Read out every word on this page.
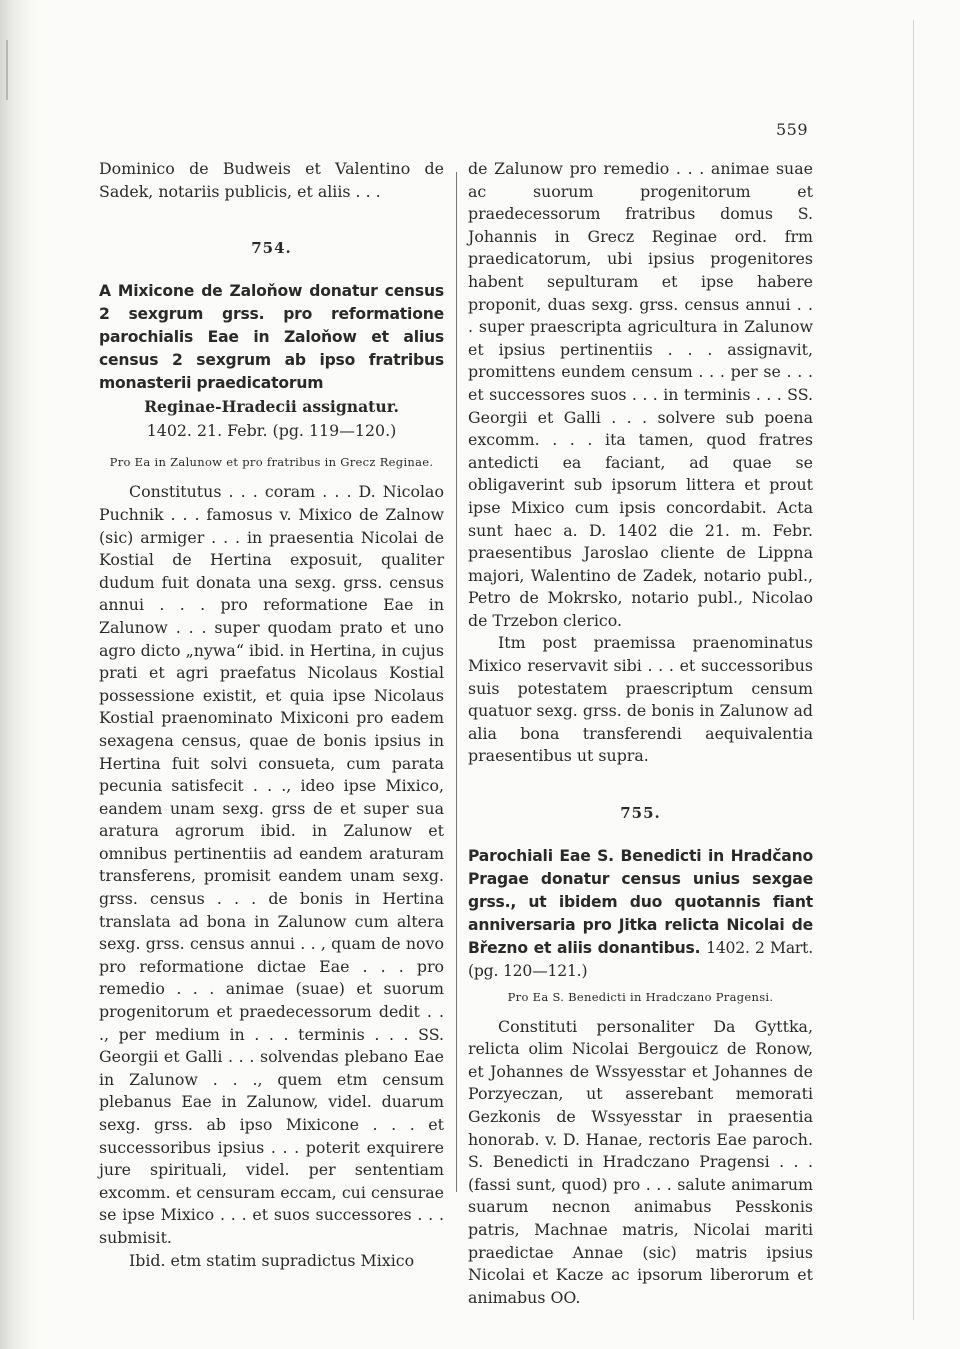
559

Dominico de Budweis et Valentino de Sadek, notariis publicis, et aliis . . .

754.

A Mixicone de Zaloňow donatur census 2 sexgrum grss. pro reformatione parochialis Eae in Zaloňow et alius census 2 sexgrum ab ipso fratribus monasterii praedicatorum

Reginae-Hradecii assignatur.
1402. 21. Febr. (pg. 119—120.)
Pro Ea in Zalunow et pro fratribus in Grecz Reginae.

Constitutus . . . coram . . . D. Nicolao Puchnik . . . famosus v. Mixico de Zalnow (sic) armiger . . . in praesentia Nicolai de Kostial de Hertina exposuit, qualiter dudum fuit donata una sexg. grss. census annui . . . pro reformatione Eae in Zalunow . . . super quodam prato et uno agro dicto „nywa“ ibid. in Hertina, in cujus prati et agri praefatus Nicolaus Kostial possessione existit, et quia ipse Nicolaus Kostial praenominato Mixiconi pro eadem sexagena census, quae de bonis ipsius in Hertina fuit solvi consueta, cum parata pecunia satisfecit . . ., ideo ipse Mixico, eandem unam sexg. grss de et super sua aratura agrorum ibid. in Zalunow et omnibus pertinentiis ad eandem araturam transferens, promisit eandem unam sexg. grss. census . . . de bonis in Hertina translata ad bona in Zalunow cum altera sexg. grss. census annui . . , quam de novo pro reformatione dictae Eae . . . pro remedio . . . animae (suae) et suorum progenitorum et praedecessorum dedit . . ., per medium in . . . terminis . . . SS. Georgii et Galli . . . solvendas plebano Eae in Zalunow . . ., quem etm censum plebanus Eae in Zalunow, videl. duarum sexg. grss. ab ipso Mixicone . . . et successoribus ipsius . . . poterit exquirere jure spirituali, videl. per sententiam excomm. et censuram eccam, cui censurae se ipse Mixico . . . et suos successores . . . submisit.

Ibid. etm statim supradictus Mixico

de Zalunow pro remedio . . . animae suae ac suorum progenitorum et praedecessorum fratribus domus S. Johannis in Grecz Reginae ord. frm praedicatorum, ubi ipsius progenitores habent sepulturam et ipse habere proponit, duas sexg. grss. census annui . . . super praescripta agricultura in Zalunow et ipsius pertinentiis . . . assignavit, promittens eundem censum . . . per se . . . et successores suos . . . in terminis . . . SS. Georgii et Galli . . . solvere sub poena excomm. . . . ita tamen, quod fratres antedicti ea faciant, ad quae se obligaverint sub ipsorum littera et prout ipse Mixico cum ipsis concordabit. Acta sunt haec a. D. 1402 die 21. m. Febr. praesentibus Jaroslao cliente de Lippna majori, Walentino de Zadek, notario publ., Petro de Mokrsko, notario publ., Nicolao de Trzebon clerico.

Itm post praemissa praenominatus Mixico reservavit sibi . . . et successoribus suis potestatem praescriptum censum quatuor sexg. grss. de bonis in Zalunow ad alia bona transferendi aequivalentia praesentibus ut supra.

755.

Parochiali Eae S. Benedicti in Hradčano Pragae donatur census unius sexgae grss., ut ibidem duo quotannis fiant anniversaria pro Jitka relicta Nicolai de Březno et aliis donantibus. 1402. 2 Mart. (pg. 120—121.)

Pro Ea S. Benedicti in Hradczano Pragensi.

Constituti personaliter Da Gyttka, relicta olim Nicolai Bergouicz de Ronow, et Johannes de Wssyesstar et Johannes de Porzyeczan, ut asserebant memorati Gezkonis de Wssyesstar in praesentia honorab. v. D. Hanae, rectoris Eae paroch. S. Benedicti in Hradczano Pragensi . . . (fassi sunt, quod) pro . . . salute animarum suarum necnon animabus Pesskonis patris, Machnae matris, Nicolai mariti praedictae Annae (sic) matris ipsius Nicolai et Kacze ac ipsorum liberorum et animabus OO.
